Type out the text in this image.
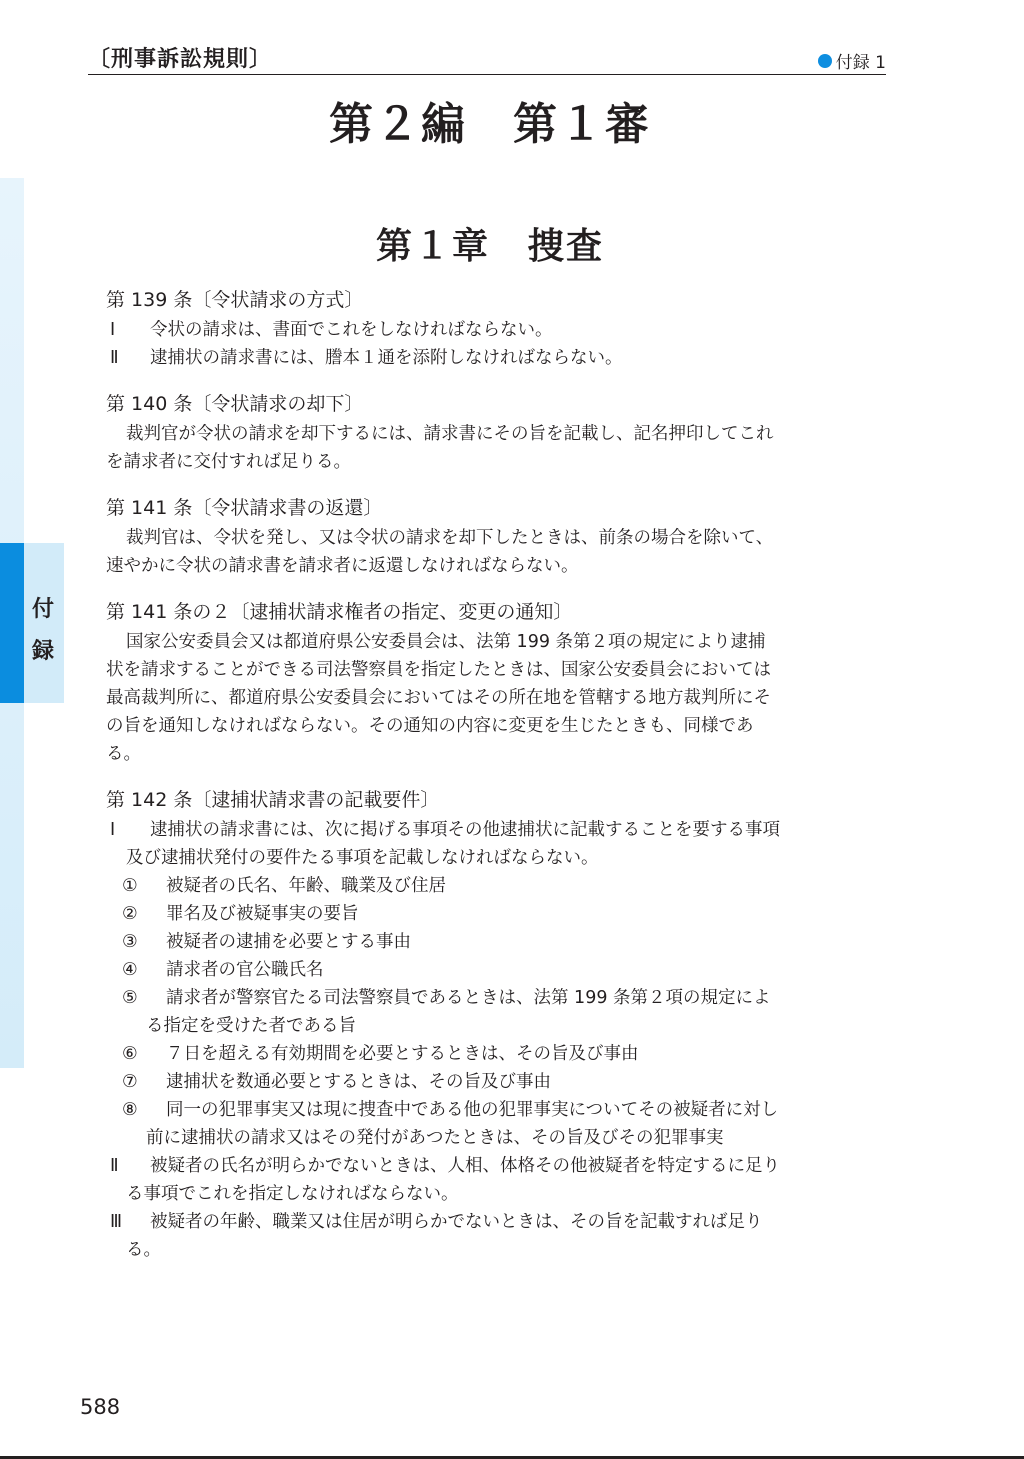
〔刑事訴訟規則〕	付録 1
第２編　第１審
第１章　捜査
付
録
第 139 条〔令状請求の方式〕
Ⅰ 令状の請求は、書面でこれをしなければならない。
Ⅱ 逮捕状の請求書には、謄本１通を添附しなければならない。
第 140 条〔令状請求の却下〕
裁判官が令状の請求を却下するには、請求書にその旨を記載し、記名押印してこれ
を請求者に交付すれば足りる。
第 141 条〔令状請求書の返還〕
裁判官は、令状を発し、又は令状の請求を却下したときは、前条の場合を除いて、
速やかに令状の請求書を請求者に返還しなければならない。
第 141 条の２〔逮捕状請求権者の指定、変更の通知〕
国家公安委員会又は都道府県公安委員会は、法第 199 条第２項の規定により逮捕
状を請求することができる司法警察員を指定したときは、国家公安委員会においては
最高裁判所に、都道府県公安委員会においてはその所在地を管轄する地方裁判所にそ
の旨を通知しなければならない。その通知の内容に変更を生じたときも、同様であ
る。
第 142 条〔逮捕状請求書の記載要件〕
Ⅰ 逮捕状の請求書には、次に掲げる事項その他逮捕状に記載することを要する事項
及び逮捕状発付の要件たる事項を記載しなければならない。
① 被疑者の氏名、年齢、職業及び住居
② 罪名及び被疑事実の要旨
③ 被疑者の逮捕を必要とする事由
④ 請求者の官公職氏名
⑤ 請求者が警察官たる司法警察員であるときは、法第 199 条第２項の規定によ
る指定を受けた者である旨
⑥ ７日を超える有効期間を必要とするときは、その旨及び事由
⑦ 逮捕状を数通必要とするときは、その旨及び事由
⑧ 同一の犯罪事実又は現に捜査中である他の犯罪事実についてその被疑者に対し
前に逮捕状の請求又はその発付があつたときは、その旨及びその犯罪事実
Ⅱ 被疑者の氏名が明らかでないときは、人相、体格その他被疑者を特定するに足り
る事項でこれを指定しなければならない。
Ⅲ 被疑者の年齢、職業又は住居が明らかでないときは、その旨を記載すれば足り
る。
588
